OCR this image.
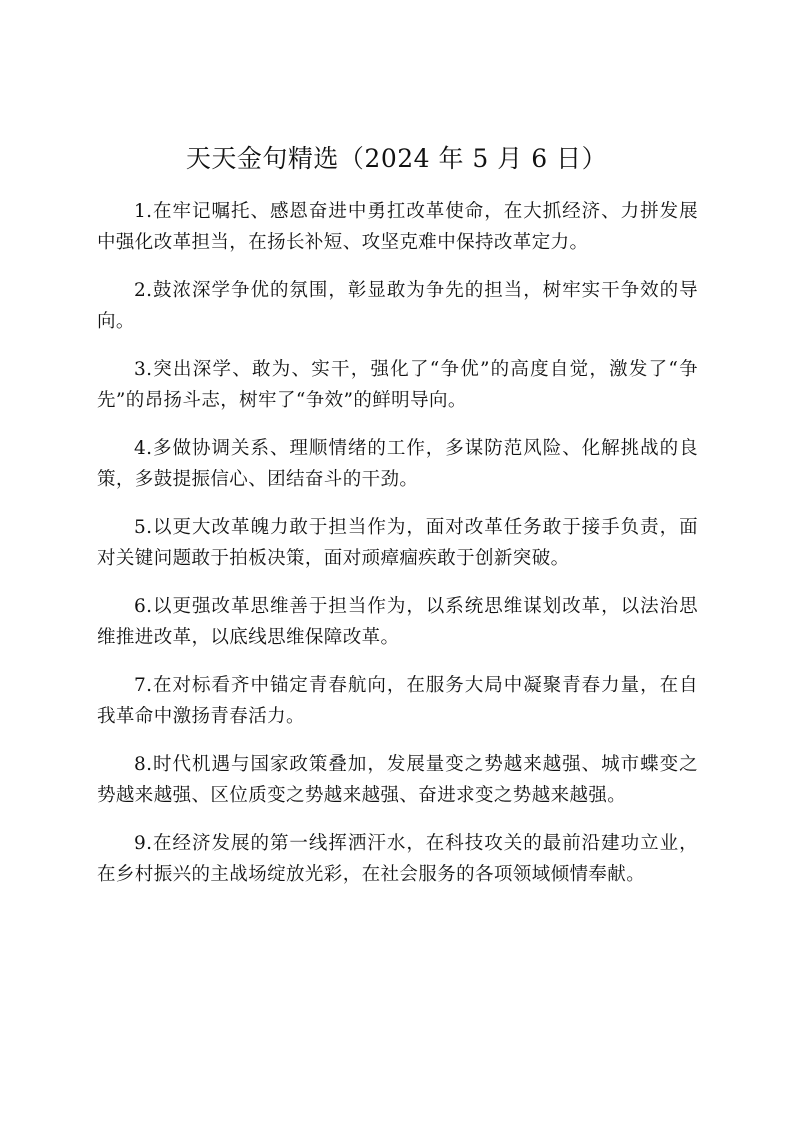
天天金句精选（2024 年 5 月 6 日）

1.在牢记嘱托、感恩奋进中勇扛改革使命，在大抓经济、力拼发展中强化改革担当，在扬长补短、攻坚克难中保持改革定力。

2.鼓浓深学争优的氛围，彰显敢为争先的担当，树牢实干争效的导向。

3.突出深学、敢为、实干，强化了“争优”的高度自觉，激发了“争先”的昂扬斗志，树牢了“争效”的鲜明导向。

4.多做协调关系、理顺情绪的工作，多谋防范风险、化解挑战的良策，多鼓提振信心、团结奋斗的干劲。

5.以更大改革魄力敢于担当作为，面对改革任务敢于接手负责，面对关键问题敢于拍板决策，面对顽瘴痼疾敢于创新突破。

6.以更强改革思维善于担当作为，以系统思维谋划改革，以法治思维推进改革，以底线思维保障改革。

7.在对标看齐中锚定青春航向，在服务大局中凝聚青春力量，在自我革命中激扬青春活力。

8.时代机遇与国家政策叠加，发展量变之势越来越强、城市蝶变之势越来越强、区位质变之势越来越强、奋进求变之势越来越强。

9.在经济发展的第一线挥洒汗水，在科技攻关的最前沿建功立业，在乡村振兴的主战场绽放光彩，在社会服务的各项领域倾情奉献。
